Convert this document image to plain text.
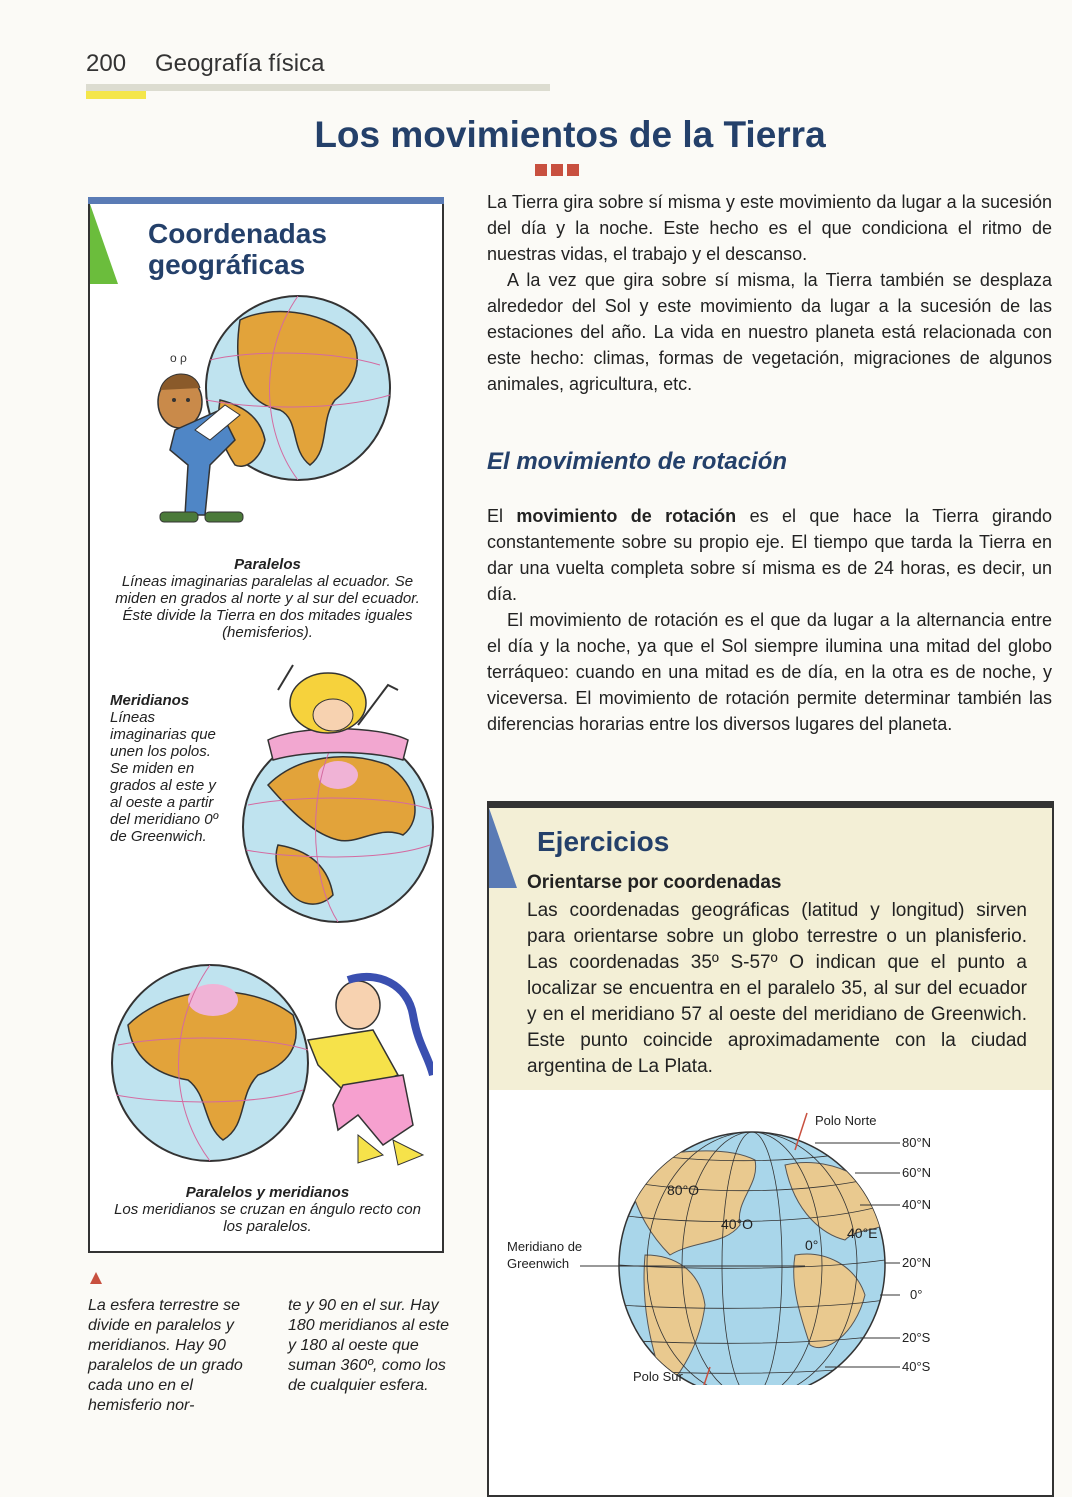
200 Geografía física
Los movimientos de la Tierra
Coordenadas
geográficas
o ρ
Paralelos
Líneas imaginarias paralelas al ecuador. Se miden en grados al norte y al sur del ecuador. Éste divide la Tierra en dos mitades iguales (hemisferios).
Meridianos
Líneas imaginarias que unen los polos. Se miden en grados al este y al oeste a partir del meridiano 0º de Greenwich.
Paralelos y meridianos
Los meridianos se cruzan en ángulo recto con los paralelos.
La esfera terrestre se divide en paralelos y meridianos. Hay 90 paralelos de un grado cada uno en el hemisferio nor-
te y 90 en el sur. Hay 180 meridianos al este y 180 al oeste que suman 360º, como los de cualquier esfera.

La Tierra gira sobre sí misma y este movimiento da lugar a la sucesión del día y la noche. Este hecho es el que condiciona el ritmo de nuestras vidas, el trabajo y el descanso.

A la vez que gira sobre sí misma, la Tierra también se desplaza alrededor del Sol y este movimiento da lugar a la sucesión de las estaciones del año. La vida en nuestro planeta está relacionada con este hecho: climas, formas de vegetación, migraciones de algunos animales, agricultura, etc.

El movimiento de rotación

El movimiento de rotación es el que hace la Tierra girando constantemente sobre su propio eje. El tiempo que tarda la Tierra en dar una vuelta completa sobre sí misma es de 24 horas, es decir, un día.

El movimiento de rotación es el que da lugar a la alternancia entre el día y la noche, ya que el Sol siempre ilumina una mitad del globo terráqueo: cuando en una mitad es de día, en la otra es de noche, y viceversa. El movimiento de rotación permite determinar también las diferencias horarias entre los diversos lugares del planeta.

Ejercicios
Orientarse por coordenadas
Las coordenadas geográficas (latitud y longitud) sirven para orientarse sobre un globo terrestre o un planisferio. Las coordenadas 35º S-57º O indican que el punto a localizar se encuentra en el paralelo 35, al sur del ecuador y en el meridiano 57 al oeste del meridiano de Greenwich. Este punto coincide aproximadamente con la ciudad argentina de La Plata.
Polo Norte
Polo Sur
Meridiano de
Greenwich
80°N
60°N
40°N
20°N
0°
20°S
40°S
80°O
40°O
0°
40°E
